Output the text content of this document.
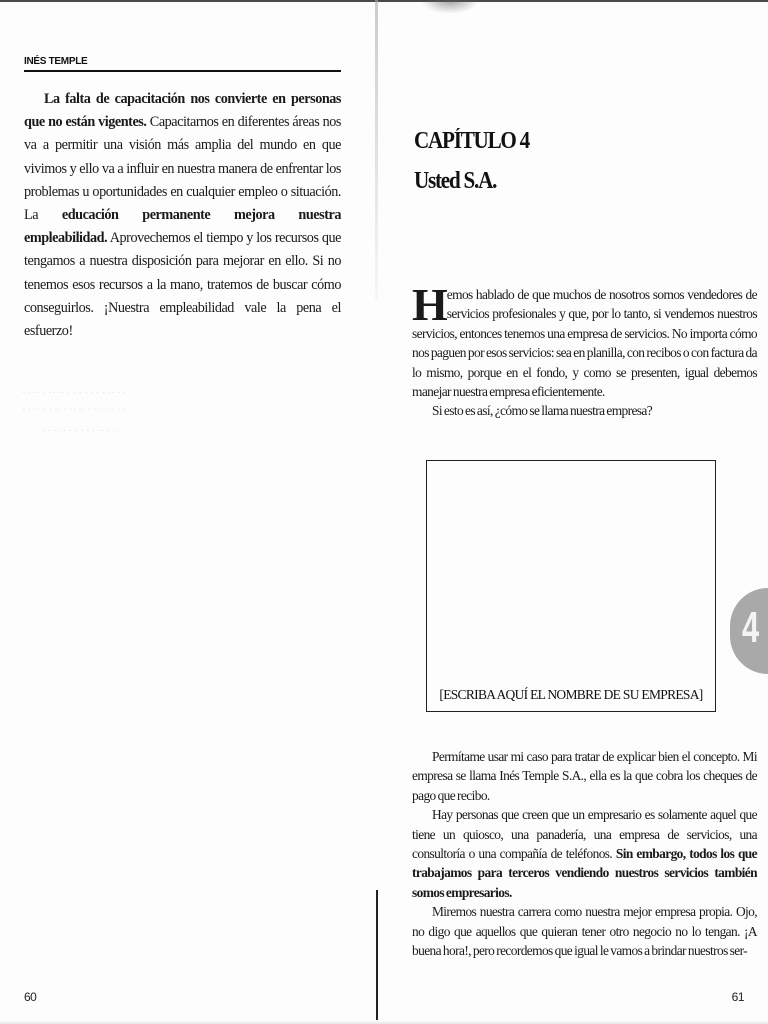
INÉS TEMPLE

La falta de capacitación nos convierte en personas que no están vigentes. Capacitarnos en diferentes áreas nos va a permitir una visión más amplia del mundo en que vivimos y ello va a influir en nuestra manera de enfrentar los problemas u oportunidades en cualquier empleo o situación. La educación permanente mejora nuestra empleabilidad. Aprovechemos el tiempo y los recursos que tengamos a nuestra disposición para mejorar en ello. Si no tenemos esos recursos a la mano, tratemos de buscar cómo conseguirlos. ¡Nuestra empleabilidad vale la pena el esfuerzo!

· · ·· · ·· ·· · · · · · · · ·· · ·
· · ·· · · ·· · ·· ·· · · · · · · ·
· · ·· · · · · · · ·· · ·
60
CAPÍTULO 4
Usted S.A.

Hemos hablado de que muchos de nosotros somos vendedores de servicios profesionales y que, por lo tanto, si vendemos nuestros servicios, entonces tenemos una empresa de servicios. No importa cómo nos paguen por esos servicios: sea en planilla, con recibos o con factura da lo mismo, porque en el fondo, y como se presenten, igual debemos manejar nuestra empresa eficientemente.

Si esto es así, ¿cómo se llama nuestra empresa?

[ESCRIBA AQUÍ EL NOMBRE DE SU EMPRESA]
4

Permítame usar mi caso para tratar de explicar bien el concepto. Mi empresa se llama Inés Temple S.A., ella es la que cobra los cheques de pago que recibo.

Hay personas que creen que un empresario es solamente aquel que tiene un quiosco, una panadería, una empresa de servicios, una consultoría o una compañía de teléfonos. Sin embargo, todos los que trabajamos para terceros vendiendo nuestros servicios también somos empresarios.

Miremos nuestra carrera como nuestra mejor empresa propia. Ojo, no digo que aquellos que quieran tener otro negocio no lo tengan. ¡A buena hora!, pero recordemos que igual le vamos a brindar nuestros ser-

61
